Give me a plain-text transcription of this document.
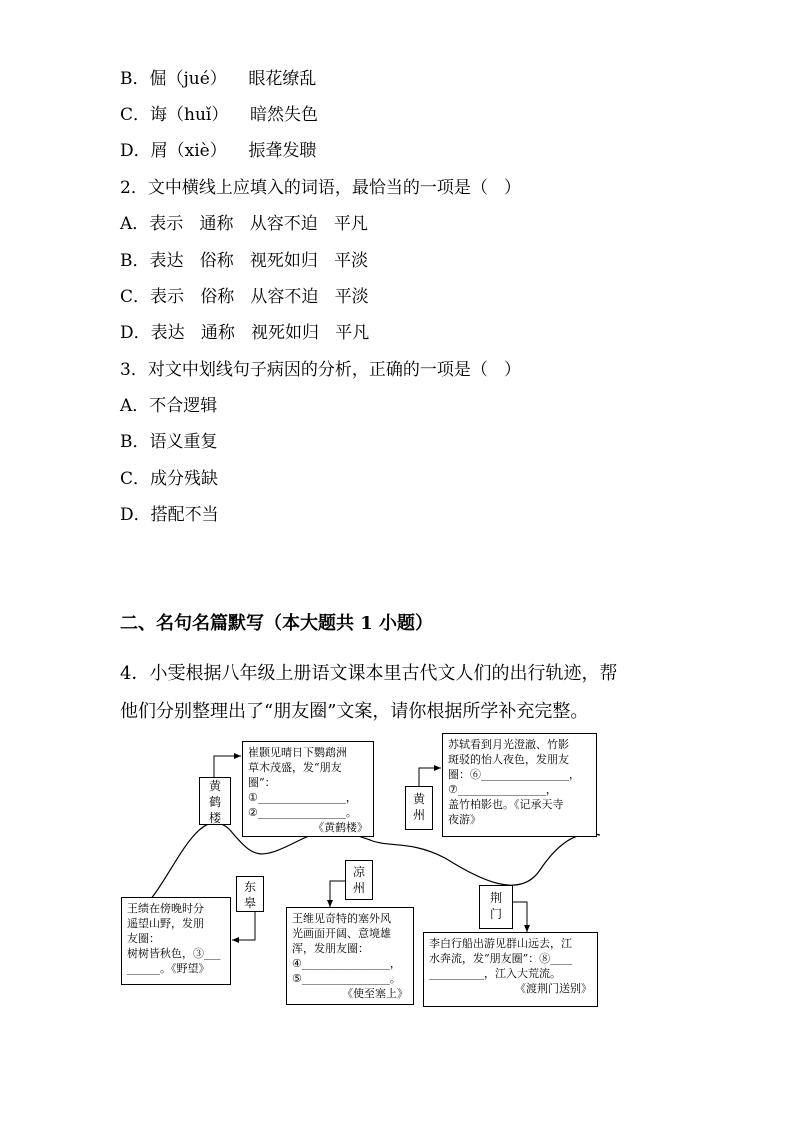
B．倔（jué）    眼花缭乱
C．诲（huǐ）    暗然失色
D．屑（xiè）    振聋发聩
2．文中横线上应填入的词语，最恰当的一项是（   ）
A．表示   通称   从容不迫   平凡
B．表达   俗称   视死如归   平淡
C．表示   俗称   从容不迫   平淡
D．表达   通称   视死如归   平凡
3．对文中划线句子病因的分析，正确的一项是（   ）
A．不合逻辑
B．语义重复
C．成分残缺
D．搭配不当
二、名句名篇默写（本大题共 1 小题）
4．小雯根据八年级上册语文课本里古代文人们的出行轨迹，帮
他们分别整理出了“朋友圈”文案，请你根据所学补充完整。
黄
鹤
楼
东
皋
凉
州
黄
州
荆
门
崔颢见晴日下鹦鹉洲
草木茂盛，发“朋友
圈”：
①________________，
②________________。
《黄鹤楼》
苏轼看到月光澄澈、竹影
斑驳的怡人夜色，发朋友
圈：⑥________________，
⑦________________，
盖竹柏影也。《记承天寺
夜游》
王绩在傍晚时分
遥望山野，发朋
友圈：
树树皆秋色，③___
______。《野望》
王维见奇特的塞外风
光画面开阔、意境雄
浑，发朋友圈：
④________________，
⑤________________。
《使至塞上》
李白行船出游见群山远去，江
水奔流，发“朋友圈”：⑧____
__________，江入大荒流。
《渡荆门送别》
